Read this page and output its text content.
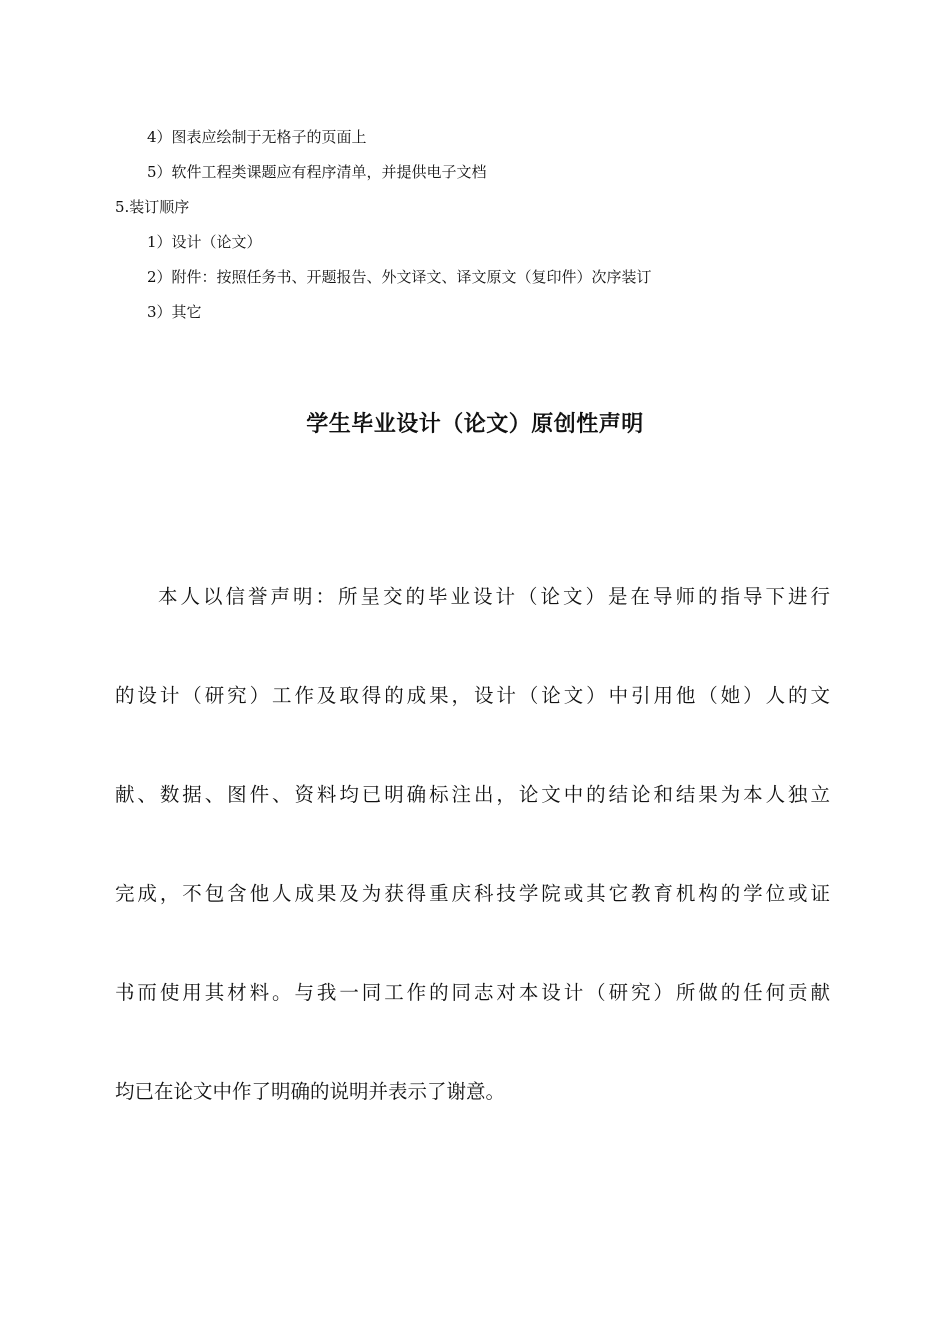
4）图表应绘制于无格子的页面上
5）软件工程类课题应有程序清单，并提供电子文档
5.装订顺序
1）设计（论文）
2）附件：按照任务书、开题报告、外文译文、译文原文（复印件）次序装订
3）其它
学生毕业设计（论文）原创性声明
本人以信誉声明：所呈交的毕业设计（论文）是在导师的指导下进行
的设计（研究）工作及取得的成果，设计（论文）中引用他（她）人的文
献、数据、图件、资料均已明确标注出，论文中的结论和结果为本人独立
完成，不包含他人成果及为获得重庆科技学院或其它教育机构的学位或证
书而使用其材料。与我一同工作的同志对本设计（研究）所做的任何贡献
均已在论文中作了明确的说明并表示了谢意。
